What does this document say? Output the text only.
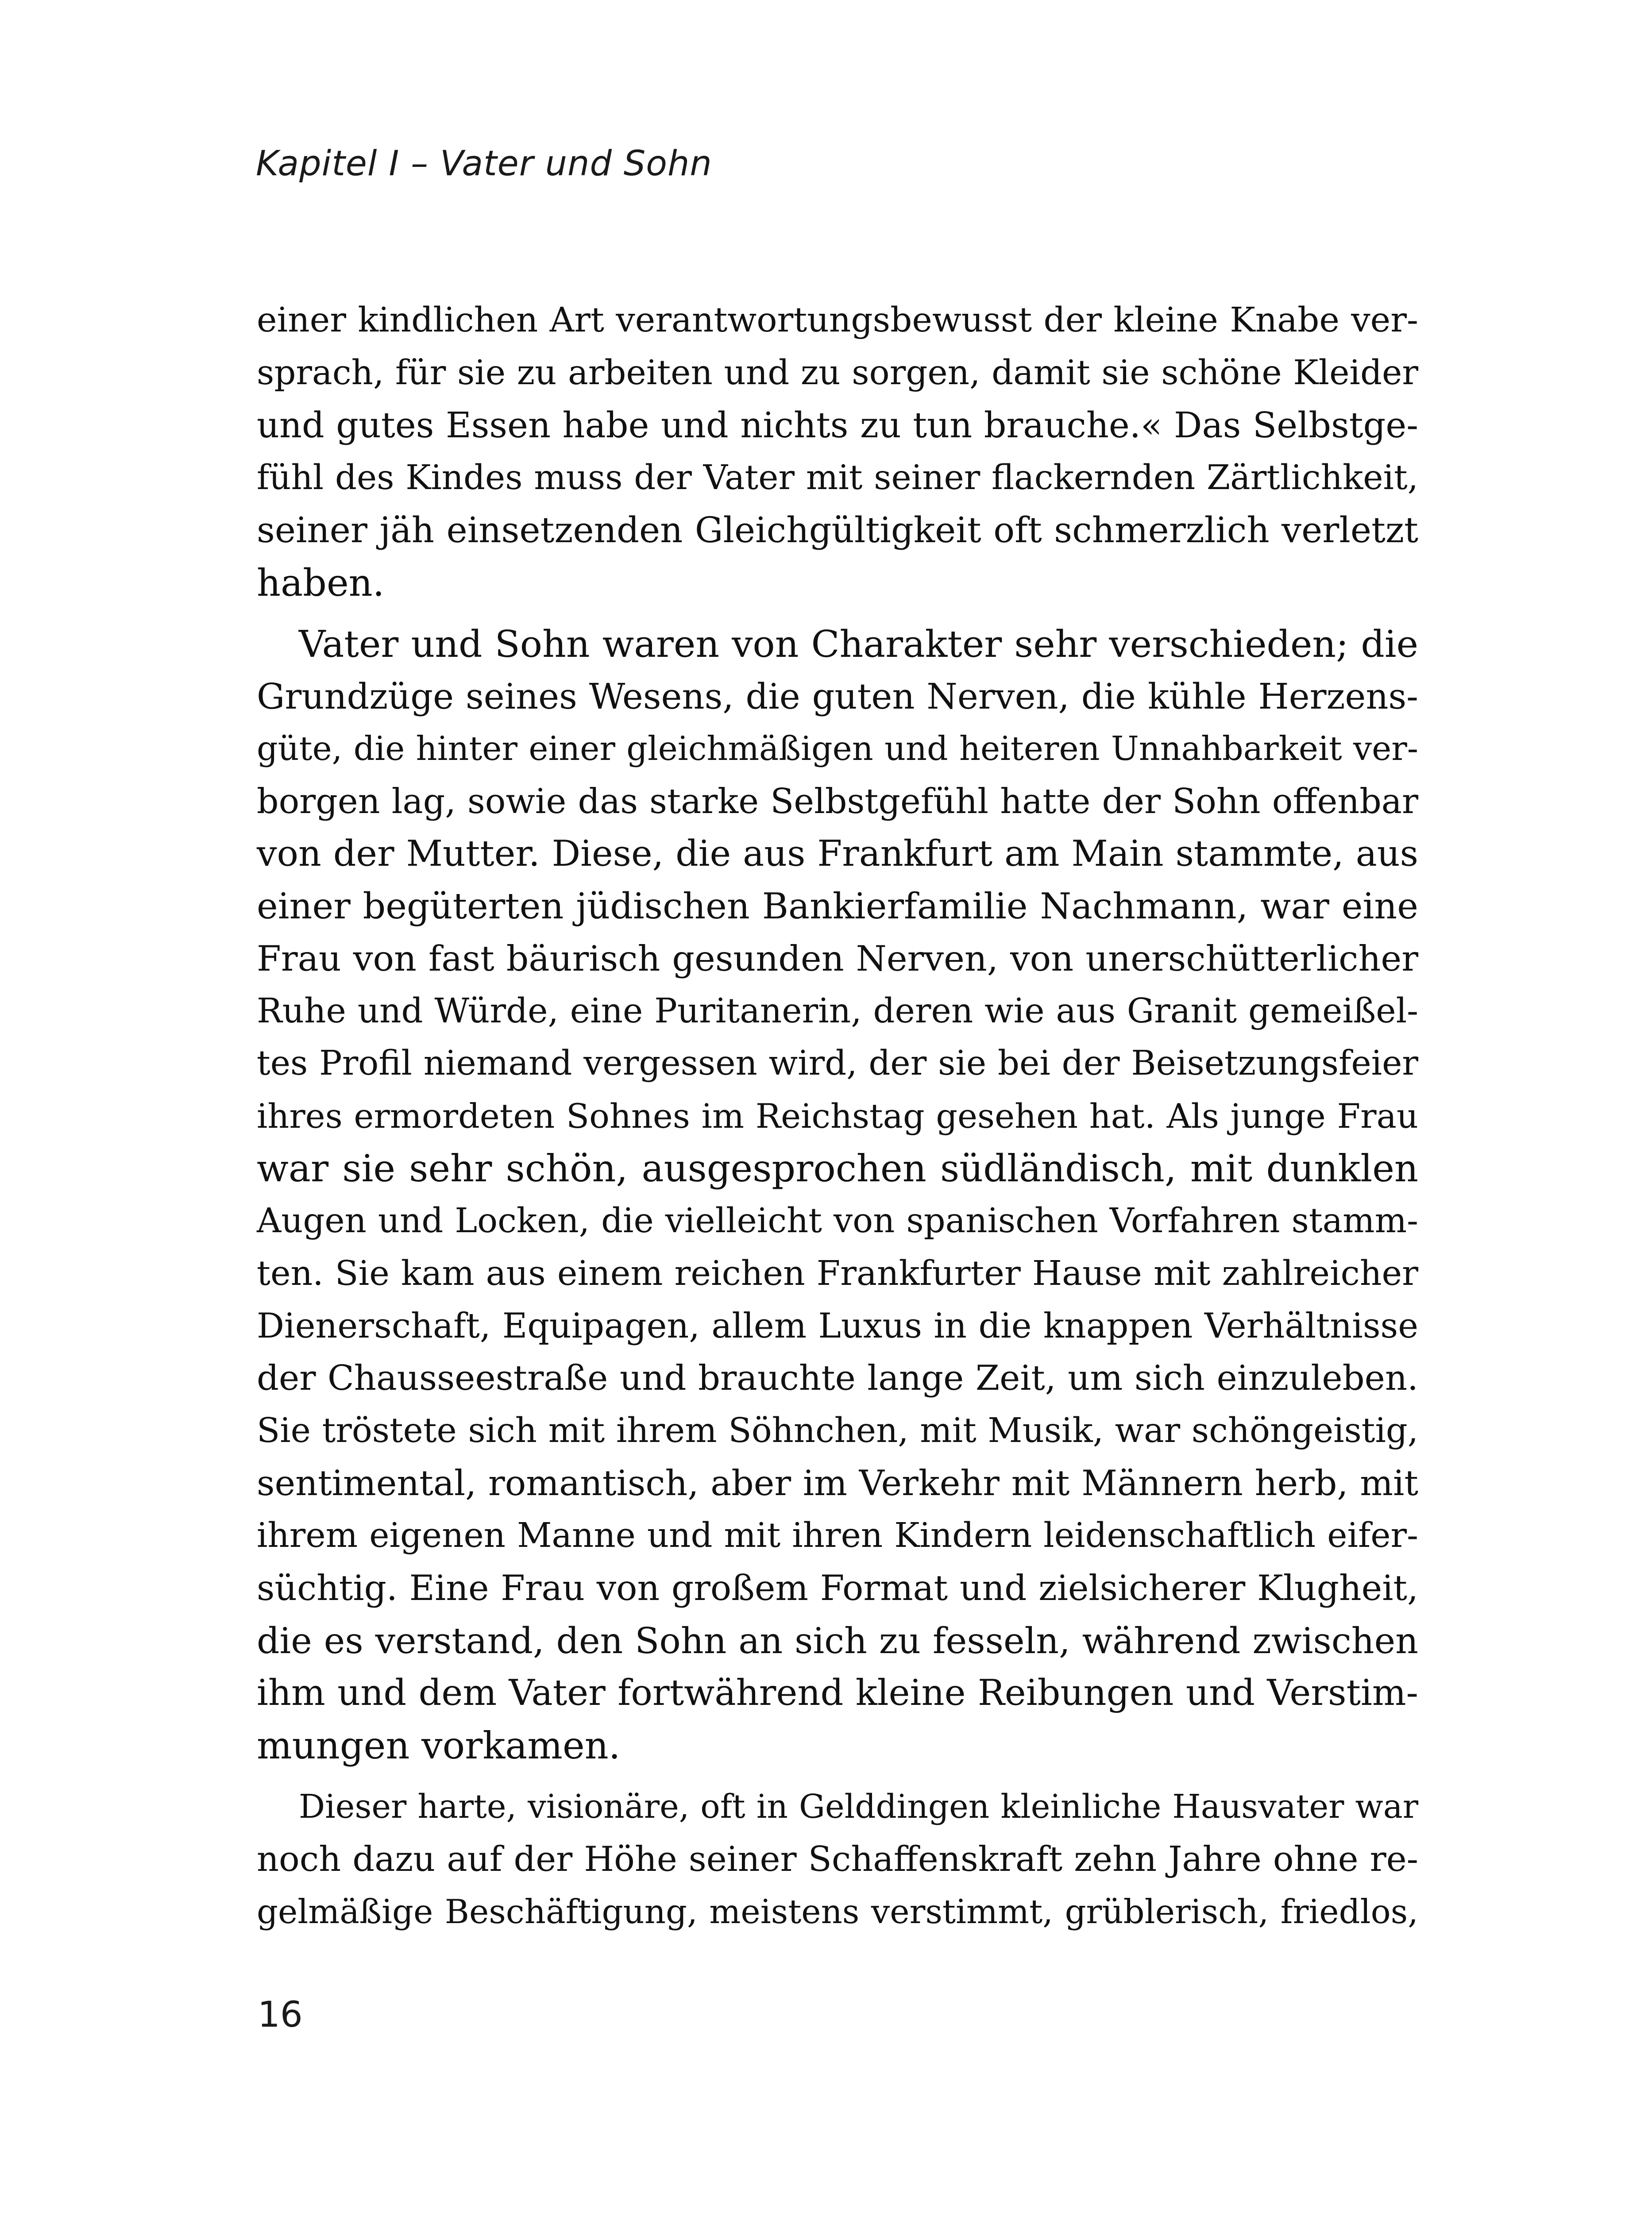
Kapitel I – Vater und Sohn
einer kindlichen Art verantwortungsbewusst der kleine Knabe ver-
sprach, für sie zu arbeiten und zu sorgen, damit sie schöne Kleider
und gutes Essen habe und nichts zu tun brauche.« Das Selbstge-
fühl des Kindes muss der Vater mit seiner flackernden Zärtlichkeit,
seiner jäh einsetzenden Gleichgültigkeit oft schmerzlich verletzt
haben.
Vater und Sohn waren von Charakter sehr verschieden; die
Grundzüge seines Wesens, die guten Nerven, die kühle Herzens-
güte, die hinter einer gleichmäßigen und heiteren Unnahbarkeit ver-
borgen lag, sowie das starke Selbstgefühl hatte der Sohn offenbar
von der Mutter. Diese, die aus Frankfurt am Main stammte, aus
einer begüterten jüdischen Bankierfamilie Nachmann, war eine
Frau von fast bäurisch gesunden Nerven, von unerschütterlicher
Ruhe und Würde, eine Puritanerin, deren wie aus Granit gemeißel-
tes Profil niemand vergessen wird, der sie bei der Beisetzungsfeier
ihres ermordeten Sohnes im Reichstag gesehen hat. Als junge Frau
war sie sehr schön, ausgesprochen südländisch, mit dunklen
Augen und Locken, die vielleicht von spanischen Vorfahren stamm-
ten. Sie kam aus einem reichen Frankfurter Hause mit zahlreicher
Dienerschaft, Equipagen, allem Luxus in die knappen Verhältnisse
der Chausseestraße und brauchte lange Zeit, um sich einzuleben.
Sie tröstete sich mit ihrem Söhnchen, mit Musik, war schöngeistig,
sentimental, romantisch, aber im Verkehr mit Männern herb, mit
ihrem eigenen Manne und mit ihren Kindern leidenschaftlich eifer-
süchtig. Eine Frau von großem Format und zielsicherer Klugheit,
die es verstand, den Sohn an sich zu fesseln, während zwischen
ihm und dem Vater fortwährend kleine Reibungen und Verstim-
mungen vorkamen.
Dieser harte, visionäre, oft in Gelddingen kleinliche Hausvater war
noch dazu auf der Höhe seiner Schaffenskraft zehn Jahre ohne re-
gelmäßige Beschäftigung, meistens verstimmt, grüblerisch, friedlos,
16
